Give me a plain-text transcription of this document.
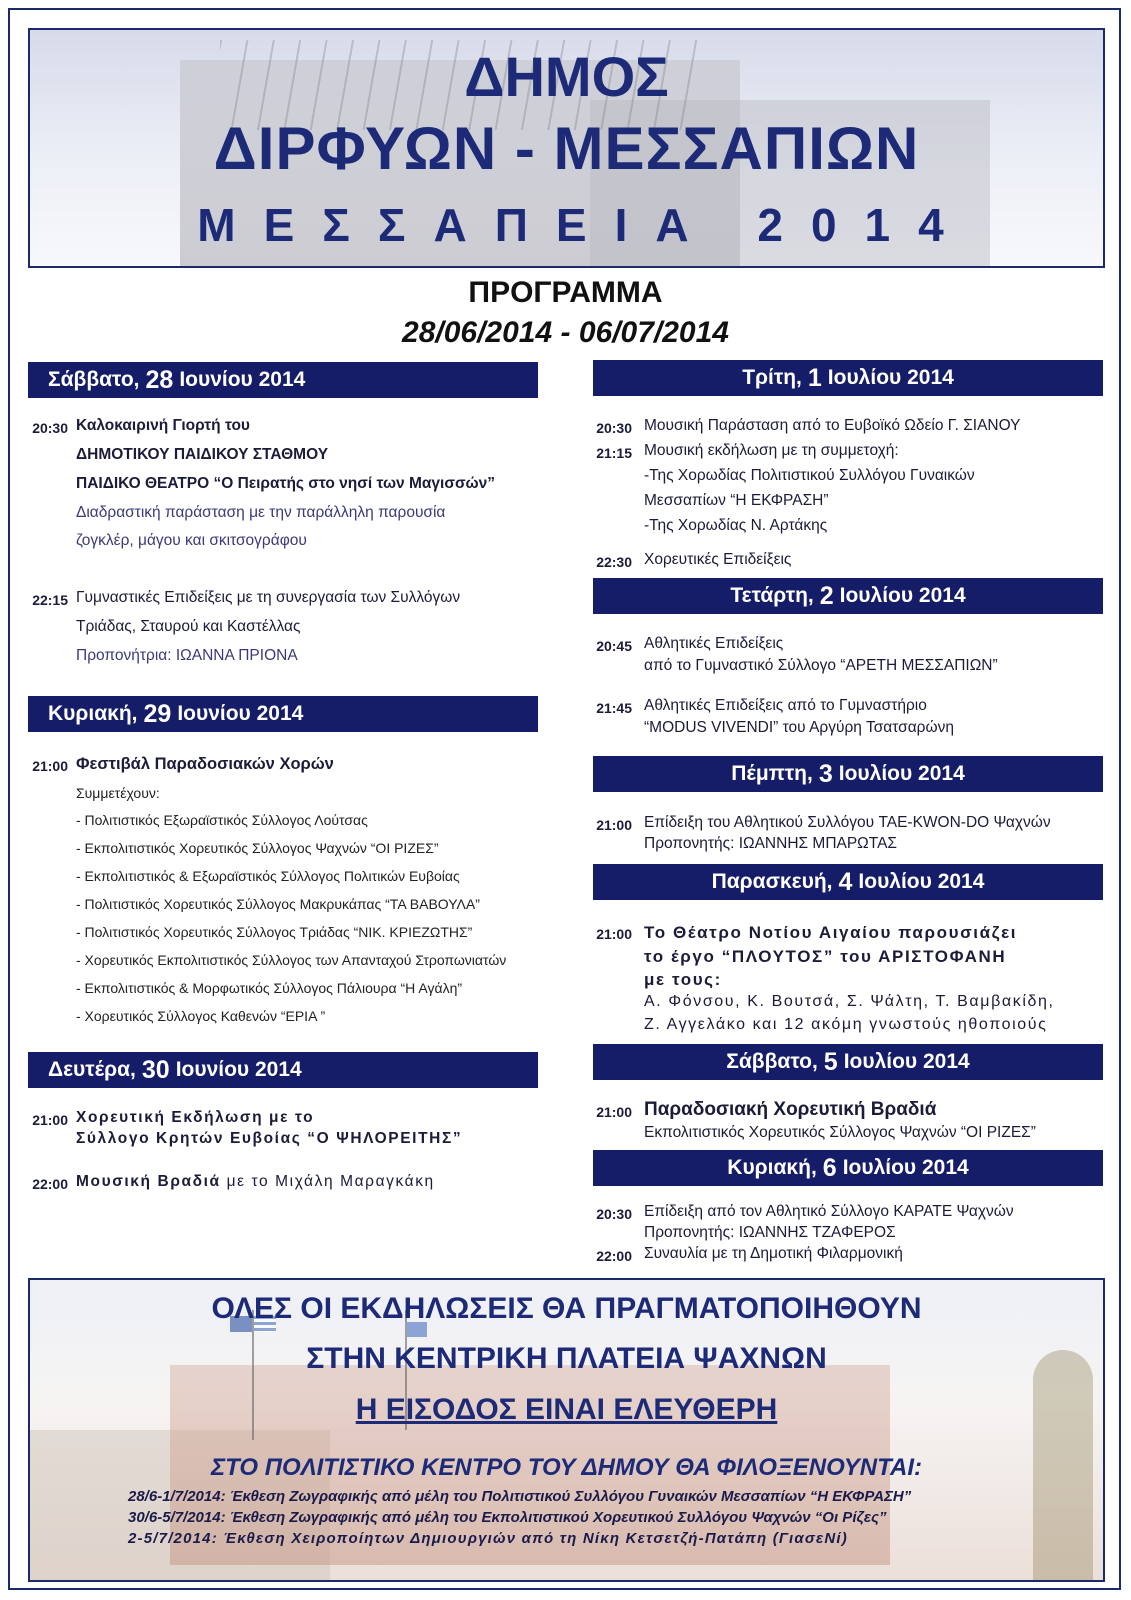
ΔΗΜΟΣ
ΔΙΡΦΥΩΝ - ΜΕΣΣΑΠΙΩΝ
ΜΕΣΣΑΠΕΙΑ 2014
ΠΡΟΓΡΑΜΜΑ
28/06/2014 - 06/07/2014
Σάββατο, 28 Ιουνίου 2014
20:30 Καλοκαιρινή Γιορτή του
ΔΗΜΟΤΙΚΟΥ ΠΑΙΔΙΚΟΥ ΣΤΑΘΜΟΥ
ΠΑΙΔΙΚΟ ΘΕΑΤΡΟ “Ο Πειρατής στο νησί των Μαγισσών”
Διαδραστική παράσταση με την παράλληλη παρουσία
ζογκλέρ, μάγου και σκιτσογράφου
22:15 Γυμναστικές Επιδείξεις με τη συνεργασία των Συλλόγων
Τριάδας, Σταυρού και Καστέλλας
Προπονήτρια: ΙΩΑΝΝΑ ΠΡΙΟΝΑ
Κυριακή, 29 Ιουνίου 2014
21:00 Φεστιβάλ Παραδοσιακών Χορών
Συμμετέχουν:
- Πολιτιστικός Εξωραϊστικός Σύλλογος Λούτσας
- Εκπολιτιστικός Χορευτικός Σύλλογος Ψαχνών “ΟΙ ΡΙΖΕΣ”
- Εκπολιτιστικός & Εξωραϊστικός Σύλλογος Πολιτικών Ευβοίας
- Πολιτιστικός Χορευτικός Σύλλογος Μακρυκάπας “ΤΑ ΒΑΒΟΥΛΑ”
- Πολιτιστικός Χορευτικός Σύλλογος Τριάδας “ΝΙΚ. ΚΡΙΕΖΩΤΗΣ”
- Χορευτικός Εκπολιτιστικός Σύλλογος των Απανταχού Στροπωνιατών
- Εκπολιτιστικός & Μορφωτικός Σύλλογος Πάλιουρα “Η Αγάλη”
- Χορευτικός Σύλλογος Καθενών “ΕΡΙΑ ”
Δευτέρα, 30 Ιουνίου 2014
21:00 Χορευτική Εκδήλωση με το
Σύλλογο Κρητών Ευβοίας “Ο ΨΗΛΟΡΕΙΤΗΣ”
22:00 Μουσική Βραδιά με το Μιχάλη Μαραγκάκη
Τρίτη, 1 Ιουλίου 2014
20:30 Μουσική Παράσταση από το Ευβοϊκό Ωδείο Γ. ΣΙΑΝΟΥ
21:15 Μουσική εκδήλωση με τη συμμετοχή:
-Της Χορωδίας Πολιτιστικού Συλλόγου Γυναικών
Μεσσαπίων “Η ΕΚΦΡΑΣΗ”
-Της Χορωδίας Ν. Αρτάκης
22:30 Χορευτικές Επιδείξεις
Τετάρτη, 2 Ιουλίου 2014
20:45 Αθλητικές Επιδείξεις
από το Γυμναστικό Σύλλογο “ΑΡΕΤΗ ΜΕΣΣΑΠΙΩΝ”
21:45 Αθλητικές Επιδείξεις από το Γυμναστήριο
“MODUS VIVENDI” του Αργύρη Τσατσαρώνη
Πέμπτη, 3 Ιουλίου 2014
21:00 Επίδειξη του Αθλητικού Συλλόγου TAE-KWON-DO Ψαχνών
Προπονητής: ΙΩΑΝΝΗΣ ΜΠΑΡΩΤΑΣ
Παρασκευή, 4 Ιουλίου 2014
21:00 Το Θέατρο Νοτίου Αιγαίου παρουσιάζει
το έργο “ΠΛΟΥΤΟΣ” του ΑΡΙΣΤΟΦΑΝΗ
με τους:
Α. Φόνσου, Κ. Βουτσά, Σ. Ψάλτη, Τ. Βαμβακίδη,
Ζ. Αγγελάκο και 12 ακόμη γνωστούς ηθοποιούς
Σάββατο, 5 Ιουλίου 2014
21:00 Παραδοσιακή Χορευτική Βραδιά
Εκπολιτιστικός Χορευτικός Σύλλογος Ψαχνών “ΟΙ ΡΙΖΕΣ”
Κυριακή, 6 Ιουλίου 2014
20:30 Επίδειξη από τον Αθλητικό Σύλλογο ΚΑΡΑΤΕ Ψαχνών
Προπονητής: ΙΩΑΝΝΗΣ ΤΖΑΦΕΡΟΣ
22:00 Συναυλία με τη Δημοτική Φιλαρμονική
ΟΛΕΣ ΟΙ ΕΚΔΗΛΩΣΕΙΣ ΘΑ ΠΡΑΓΜΑΤΟΠΟΙΗΘΟΥΝ
ΣΤΗΝ ΚΕΝΤΡΙΚΗ ΠΛΑΤΕΙΑ ΨΑΧΝΩΝ
Η ΕΙΣΟΔΟΣ ΕΙΝΑΙ ΕΛΕΥΘΕΡΗ
ΣΤΟ ΠΟΛΙΤΙΣΤΙΚΟ ΚΕΝΤΡΟ ΤΟΥ ΔΗΜΟΥ ΘΑ ΦΙΛΟΞΕΝΟΥΝΤΑΙ:
28/6-1/7/2014: Έκθεση Ζωγραφικής από μέλη του Πολιτιστικού Συλλόγου Γυναικών Μεσσαπίων “Η ΕΚΦΡΑΣΗ”
30/6-5/7/2014: Έκθεση Ζωγραφικής από μέλη του Εκπολιτιστικού Χορευτικού Συλλόγου Ψαχνών “Οι Ρίζες”
2-5/7/2014: Έκθεση Χειροποίητων Δημιουργιών από τη Νίκη Κετσετζή-Πατάπη (ΓιασεΝί)
